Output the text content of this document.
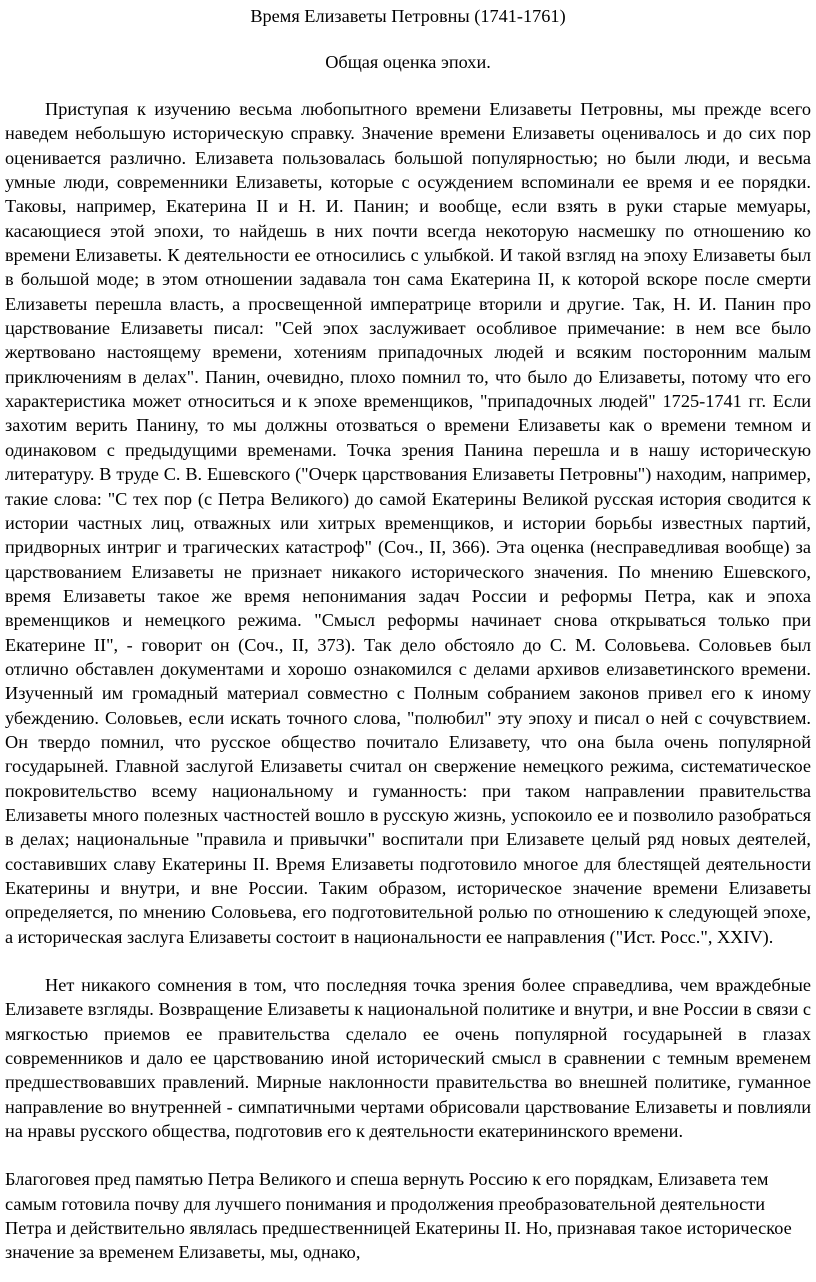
Время Елизаветы Петровны (1741-1761)
Общая оценка эпохи.

Приступая к изучению весьма любопытного времени Елизаветы Петровны, мы прежде всего наведем небольшую историческую справку. Значение времени Елизаветы оценивалось и до сих пор оценивается различно. Елизавета пользовалась большой популярностью; но были люди, и весьма умные люди, современники Елизаветы, которые с осуждением вспоминали ее время и ее порядки. Таковы, например, Екатерина II и Н. И. Панин; и вообще, если взять в руки старые мемуары, касающиеся этой эпохи, то найдешь в них почти всегда некоторую насмешку по отношению ко времени Елизаветы. К деятельности ее относились с улыбкой. И такой взгляд на эпоху Елизаветы был в большой моде; в этом отношении задавала тон сама Екатерина II, к которой вскоре после смерти Елизаветы перешла власть, а просвещенной императрице вторили и другие. Так, Н. И. Панин про царствование Елизаветы писал: "Сей эпох заслуживает особливое примечание: в нем все было жертвовано настоящему времени, хотениям припадочных людей и всяким посторонним малым приключениям в делах". Панин, очевидно, плохо помнил то, что было до Елизаветы, потому что его характеристика может относиться и к эпохе временщиков, "припадочных людей" 1725-1741 гг. Если захотим верить Панину, то мы должны отозваться о времени Елизаветы как о времени темном и одинаковом с предыдущими временами. Точка зрения Панина перешла и в нашу историческую литературу. В труде С. В. Ешевского ("Очерк царствования Елизаветы Петровны") находим, например, такие слова: "С тех пор (с Петра Великого) до самой Екатерины Великой русская история сводится к истории частных лиц, отважных или хитрых временщиков, и истории борьбы известных партий, придворных интриг и трагических катастроф" (Соч., II, 366). Эта оценка (несправедливая вообще) за царствованием Елизаветы не признает никакого исторического значения. По мнению Ешевского, время Елизаветы такое же время непонимания задач России и реформы Петра, как и эпоха временщиков и немецкого режима. "Смысл реформы начинает снова открываться только при Екатерине II", - говорит он (Соч., II, 373). Так дело обстояло до С. М. Соловьева. Соловьев был отлично обставлен документами и хорошо ознакомился с делами архивов елизаветинского времени. Изученный им громадный материал совместно с Полным собранием законов привел его к иному убеждению. Соловьев, если искать точного слова, "полюбил" эту эпоху и писал о ней с сочувствием. Он твердо помнил, что русское общество почитало Елизавету, что она была очень популярной государыней. Главной заслугой Елизаветы считал он свержение немецкого режима, систематическое покровительство всему национальному и гуманность: при таком направлении правительства Елизаветы много полезных частностей вошло в русскую жизнь, успокоило ее и позволило разобраться в делах; национальные "правила и привычки" воспитали при Елизавете целый ряд новых деятелей, составивших славу Екатерины II. Время Елизаветы подготовило многое для блестящей деятельности Екатерины и внутри, и вне России. Таким образом, историческое значение времени Елизаветы определяется, по мнению Соловьева, его подготовительной ролью по отношению к следующей эпохе, а историческая заслуга Елизаветы состоит в национальности ее направления ("Ист. Росс.", XXIV).

Нет никакого сомнения в том, что последняя точка зрения более справедлива, чем враждебные Елизавете взгляды. Возвращение Елизаветы к национальной политике и внутри, и вне России в связи с мягкостью приемов ее правительства сделало ее очень популярной государыней в глазах современников и дало ее царствованию иной исторический смысл в сравнении с темным временем предшествовавших правлений. Мирные наклонности правительства во внешней политике, гуманное направление во внутренней - симпатичными чертами обрисовали царствование Елизаветы и повлияли на нравы русского общества, подготовив его к деятельности екатерининского времени.

Благоговея пред памятью Петра Великого и спеша вернуть Россию к его порядкам, Елизавета тем самым готовила почву для лучшего понимания и продолжения преобразовательной деятельности Петра и действительно являлась предшественницей Екатерины II. Но, признавая такое историческое значение за временем Елизаветы, мы, однако,
